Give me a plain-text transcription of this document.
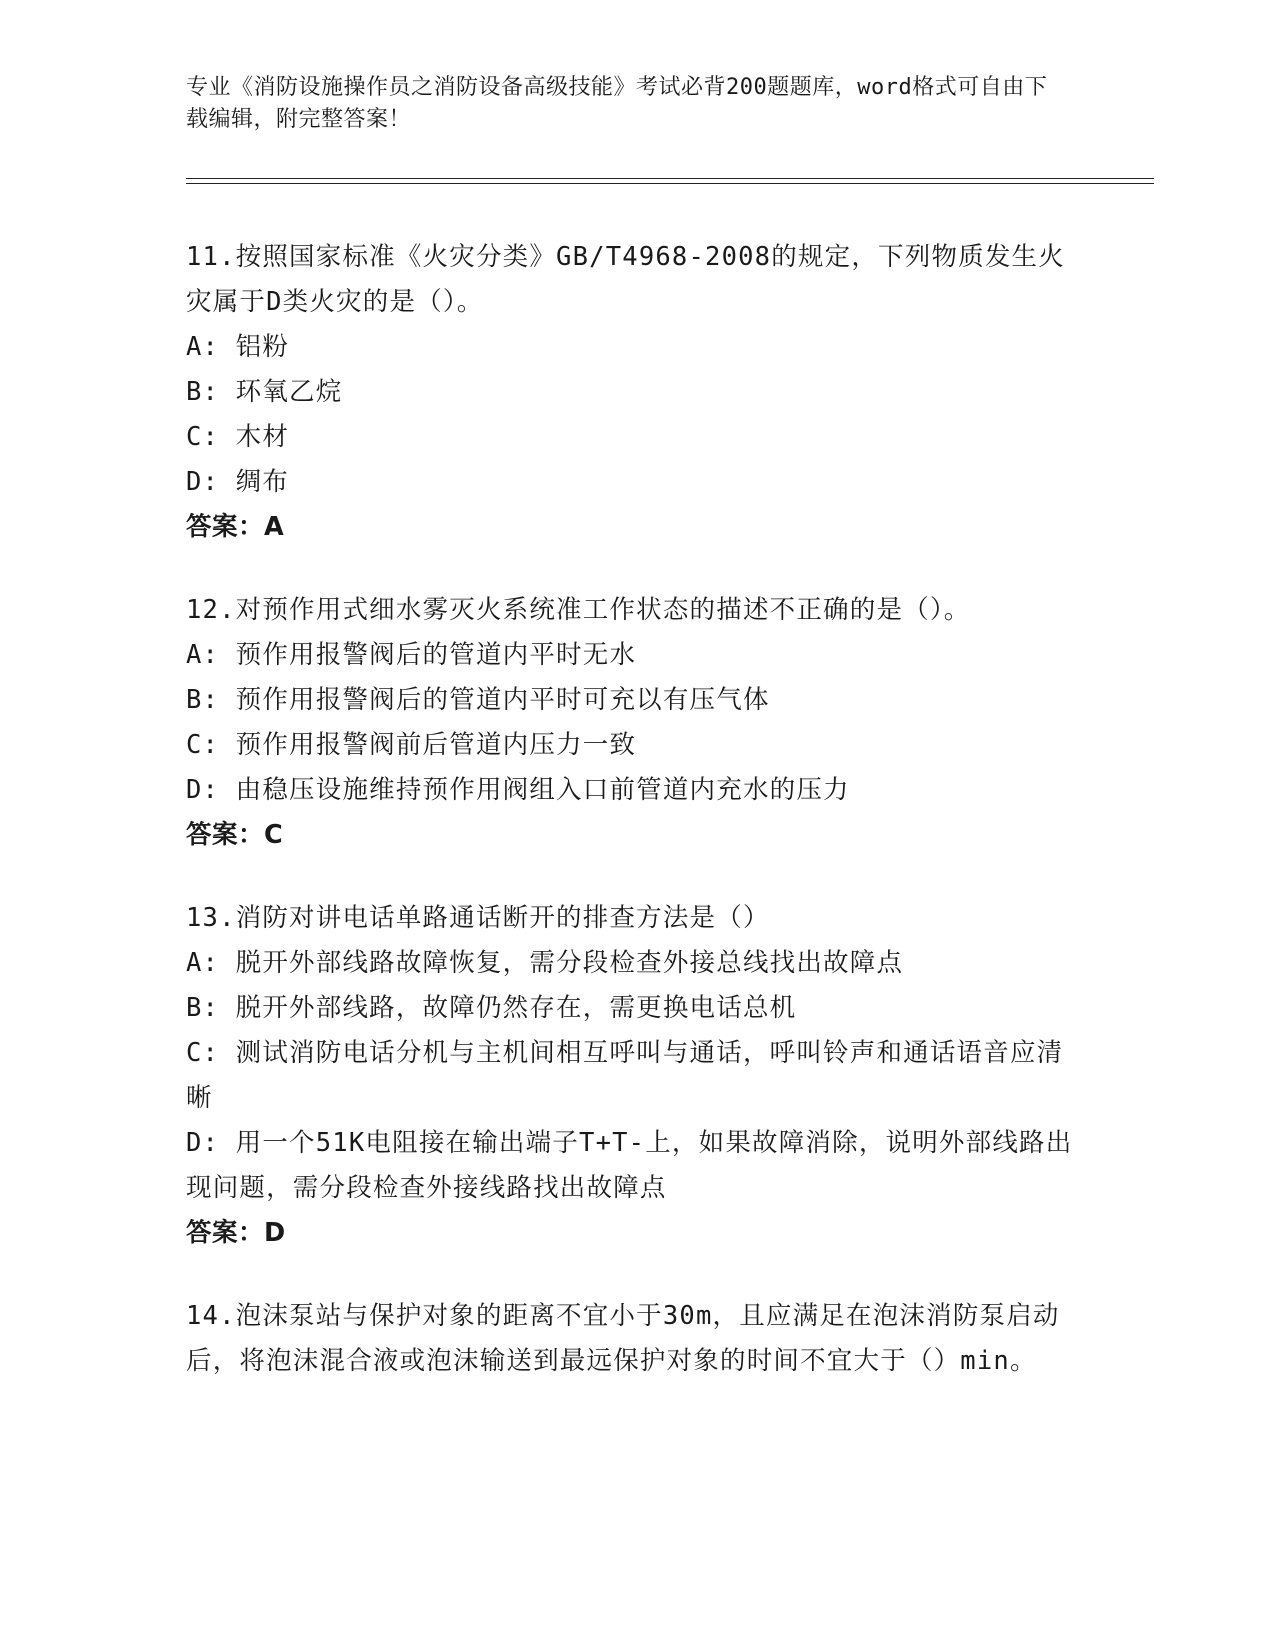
专业《消防设施操作员之消防设备高级技能》考试必背200题题库，word格式可自由下载编辑，附完整答案！

11.按照国家标准《火灾分类》GB/T4968-2008的规定，下列物质发生火灾属于D类火灾的是（）。

A: 铝粉

B: 环氧乙烷

C: 木材

D: 绸布

答案：A

12.对预作用式细水雾灭火系统准工作状态的描述不正确的是（）。

A: 预作用报警阀后的管道内平时无水

B: 预作用报警阀后的管道内平时可充以有压气体

C: 预作用报警阀前后管道内压力一致

D: 由稳压设施维持预作用阀组入口前管道内充水的压力

答案：C

13.消防对讲电话单路通话断开的排查方法是（）

A: 脱开外部线路故障恢复，需分段检查外接总线找出故障点

B: 脱开外部线路，故障仍然存在，需更换电话总机

C: 测试消防电话分机与主机间相互呼叫与通话，呼叫铃声和通话语音应清晰

D: 用一个51K电阻接在输出端子T+T-上，如果故障消除，说明外部线路出现问题，需分段检查外接线路找出故障点

答案：D

14.泡沫泵站与保护对象的距离不宜小于30m，且应满足在泡沫消防泵启动后，将泡沫混合液或泡沫输送到最远保护对象的时间不宜大于（）min。
